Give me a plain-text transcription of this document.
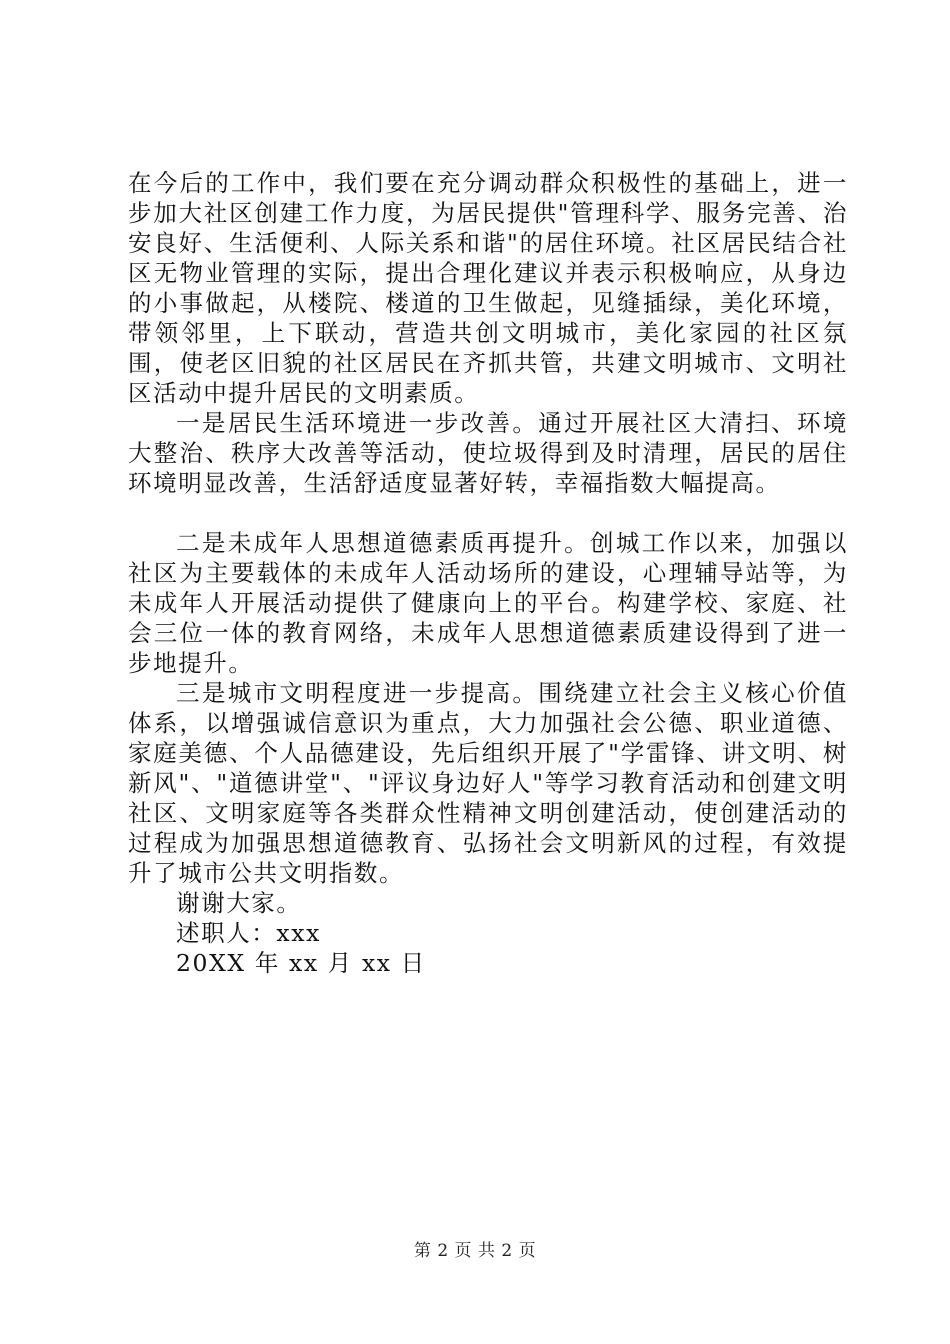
在今后的工作中，我们要在充分调动群众积极性的基础上，进一步加大社区创建工作力度，为居民提供"管理科学、服务完善、治安良好、生活便利、人际关系和谐"的居住环境。社区居民结合社区无物业管理的实际，提出合理化建议并表示积极响应，从身边的小事做起，从楼院、楼道的卫生做起，见缝插绿，美化环境，带领邻里，上下联动，营造共创文明城市，美化家园的社区氛围，使老区旧貌的社区居民在齐抓共管，共建文明城市、文明社区活动中提升居民的文明素质。

一是居民生活环境进一步改善。通过开展社区大清扫、环境大整治、秩序大改善等活动，使垃圾得到及时清理，居民的居住环境明显改善，生活舒适度显著好转，幸福指数大幅提高。

二是未成年人思想道德素质再提升。创城工作以来，加强以社区为主要载体的未成年人活动场所的建设，心理辅导站等，为未成年人开展活动提供了健康向上的平台。构建学校、家庭、社会三位一体的教育网络，未成年人思想道德素质建设得到了进一步地提升。

三是城市文明程度进一步提高。围绕建立社会主义核心价值体系，以增强诚信意识为重点，大力加强社会公德、职业道德、家庭美德、个人品德建设，先后组织开展了"学雷锋、讲文明、树新风"、"道德讲堂"、"评议身边好人"等学习教育活动和创建文明社区、文明家庭等各类群众性精神文明创建活动，使创建活动的过程成为加强思想道德教育、弘扬社会文明新风的过程，有效提升了城市公共文明指数。

谢谢大家。

述职人：xxx

20XX 年 xx 月 xx 日

第 2 页 共 2 页
